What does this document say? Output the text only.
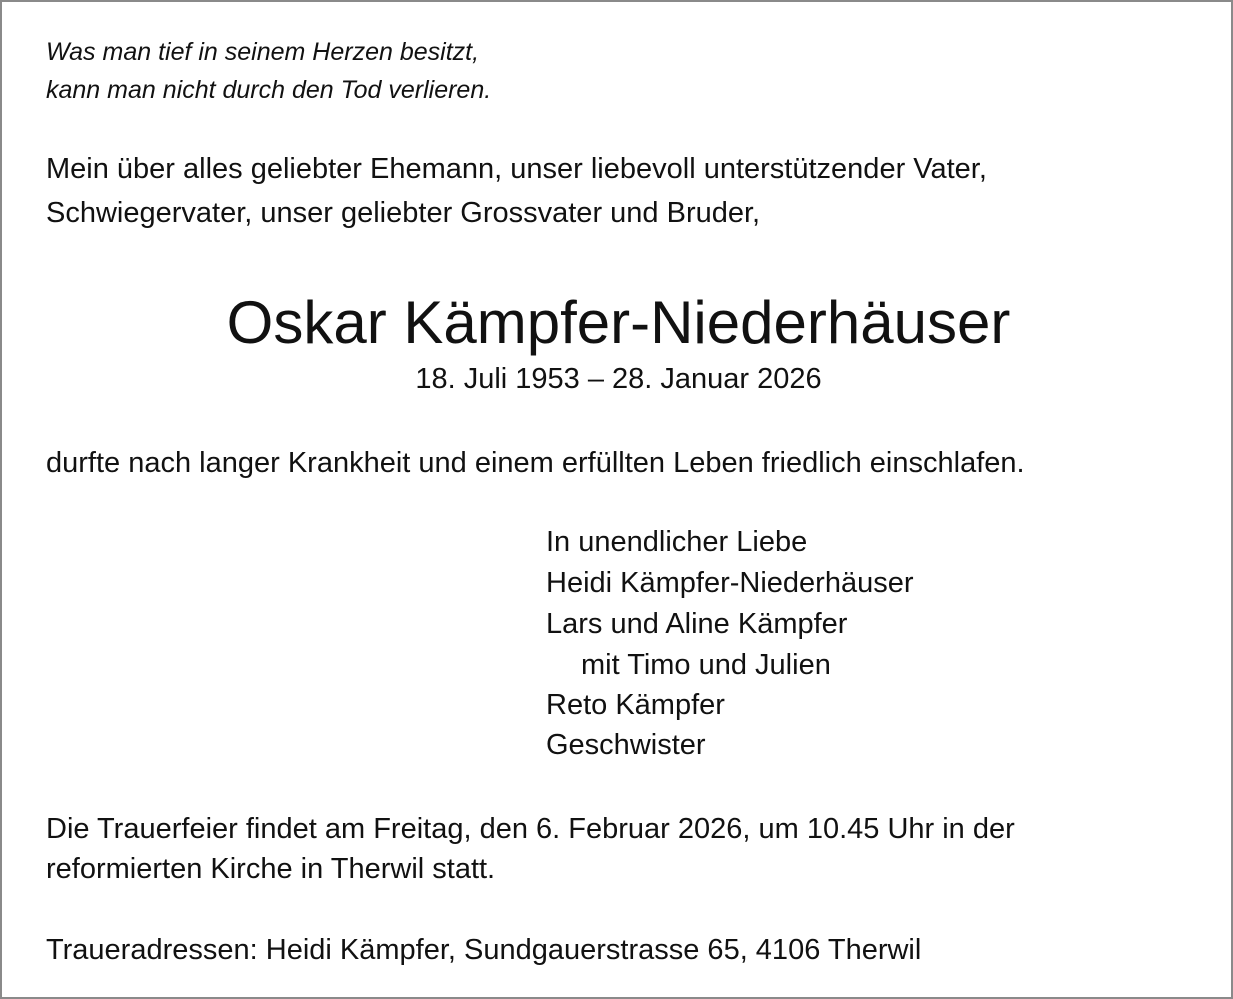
Was man tief in seinem Herzen besitzt,
kann man nicht durch den Tod verlieren.
Mein über alles geliebter Ehemann, unser liebevoll unterstützender Vater,
Schwiegervater, unser geliebter Grossvater und Bruder,
Oskar Kämpfer-Niederhäuser
18. Juli 1953 – 28. Januar 2026
durfte nach langer Krankheit und einem erfüllten Leben friedlich einschlafen.
In unendlicher Liebe
Heidi Kämpfer-Niederhäuser
Lars und Aline Kämpfer
mit Timo und Julien
Reto Kämpfer
Geschwister
Die Trauerfeier findet am Freitag, den 6. Februar 2026, um 10.45 Uhr in der
reformierten Kirche in Therwil statt.
Traueradressen: Heidi Kämpfer, Sundgauerstrasse 65, 4106 Therwil
